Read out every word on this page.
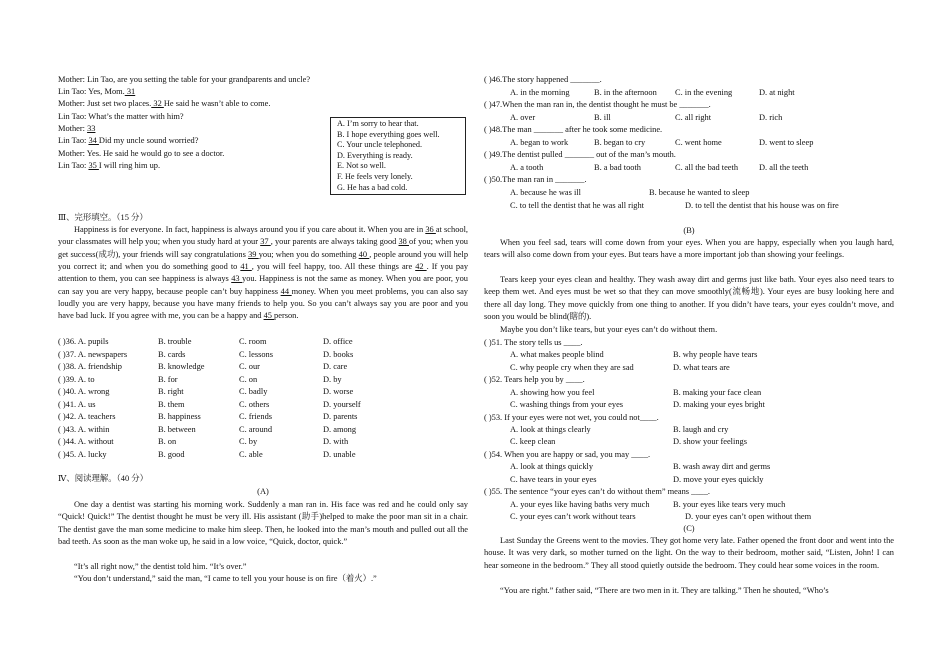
Mother: Lin Tao, are you setting the table for your grandparents and uncle?
Lin Tao: Yes, Mom. 31
Mother: Just set two places. 32 He said he wasn’t able to come.
Lin Tao: What’s the matter with him?
Mother: 33
Lin Tao: 34 Did my uncle sound worried?
Mother: Yes. He said he would go to see a doctor.
Lin Tao: 35 I will ring him up.
A. I’m sorry to hear that.
B. I hope everything goes well.
C. Your uncle telephoned.
D. Everything is ready.
E. Not so well.
F. He feels very lonely.
G. He has a bad cold.
Ⅲ、完形填空。（15 分）
Happiness is for everyone. In fact, happiness is always around you if you care about it. When you are in 36 at school, your classmates will help you; when you study hard at your 37 , your parents are always taking good 38 of you; when you get success(成功), your friends will say congratulations 39 you; when you do something 40 , people around you will help you correct it; and when you do something good to 41 , you will feel happy, too. All these things are 42 . If you pay attention to them, you can see happiness is always 43 you. Happiness is not the same as money. When you are poor, you can say you are very happy, because people can’t buy happiness 44 money. When you meet problems, you can also say loudly you are very happy, because you have many friends to help you. So you can’t always say you are poor and you have bad luck. If you agree with me, you can be a happy and 45 person.
( )36. A. pupils	B. trouble	C. room	D. office
( )37. A. newspapers	B. cards	C. lessons	D. books
( )38. A. friendship	B. knowledge	C. our	D. care
( )39. A. to	B. for	C. on	D. by
( )40. A. wrong	B. right	C. badly	D. worse
( )41. A. us	B. them	C. others	D. yourself
( )42. A. teachers	B. happiness	C. friends	D. parents
( )43. A. within	B. between	C. around	D. among
( )44. A. without	B. on	C. by	D. with
( )45. A. lucky	B. good	C. able	D. unable
Ⅳ、阅读理解。（40 分）
(A)
One day a dentist was starting his morning work. Suddenly a man ran in. His face was red and he could only say “Quick! Quick!” The dentist thought he must be very ill. His assistant (助手)helped to make the poor man sit in a chair. The dentist gave the man some medicine to make him sleep. Then, he looked into the man’s mouth and pulled out all the bad teeth. As soon as the man woke up, he said in a low voice, “Quick, doctor, quick.”
“It’s all right now,” the dentist told him. “It’s over.”
“You don’t understand,” said the man, “I came to tell you your house is on fire（着火）.”
( )46.The story happened _______.
A. in the morning	B. in the afternoon C. in the evening	D. at night
( )47.When the man ran in, the dentist thought he must be _______.
A. over	B. ill	C. all right	D. rich
( )48.The man _______ after he took some medicine.
A. began to work	B. began to cry	C. went home	D. went to sleep
( )49.The dentist pulled _______ out of the man’s mouth.
A. a tooth	B. a bad tooth	C. all the bad teeth D. all the teeth
( )50.The man ran in _______.
A. because he was ill	B. because he wanted to sleep
C. to tell the dentist that he was all right	D. to tell the dentist that his house was on fire
(B)
When you feel sad, tears will come down from your eyes. When you are happy, especially when you laugh hard, tears will also come down from your eyes. But tears have a more important job than showing your feelings.
Tears keep your eyes clean and healthy. They wash away dirt and germs just like bath. Your eyes also need tears to keep them wet. And eyes must be wet so that they can move smoothly(流畅地). Your eyes are busy looking here and there all day long. They move quickly from one thing to another. If you didn’t have tears, your eyes couldn’t move, and soon you would be blind(瞎的).
Maybe you don’t like tears, but your eyes can’t do without them.
( )51. The story tells us ____.
A. what makes people blind	B. why people have tears
C. why people cry when they are sad	D. what tears are
( )52. Tears help you by ____.
A. showing how you feel	B. making your face clean
C. washing things from your eyes	D. making your eyes bright
( )53. If your eyes were not wet, you could not____.
A. look at things clearly	B. laugh and cry
C. keep clean	D. show your feelings
( )54. When you are happy or sad, you may ____.
A. look at things quickly	B. wash away dirt and germs
C. have tears in your eyes	D. move your eyes quickly
( )55. The sentence “your eyes can’t do without them” means ____.
A. your eyes like having baths very much	B. your eyes like tears very much
C. your eyes can’t work without tears	D. your eyes can’t open without them
(C)
Last Sunday the Greens went to the movies. They got home very late. Father opened the front door and went into the house. It was very dark, so mother turned on the light. On the way to their bedroom, mother said, “Listen, John! I can hear someone in the bedroom.” They all stood quietly outside the bedroom. They could hear some voices in the room.
“You are right.” father said, “There are two men in it. They are talking.” Then he shouted, “Who’s
